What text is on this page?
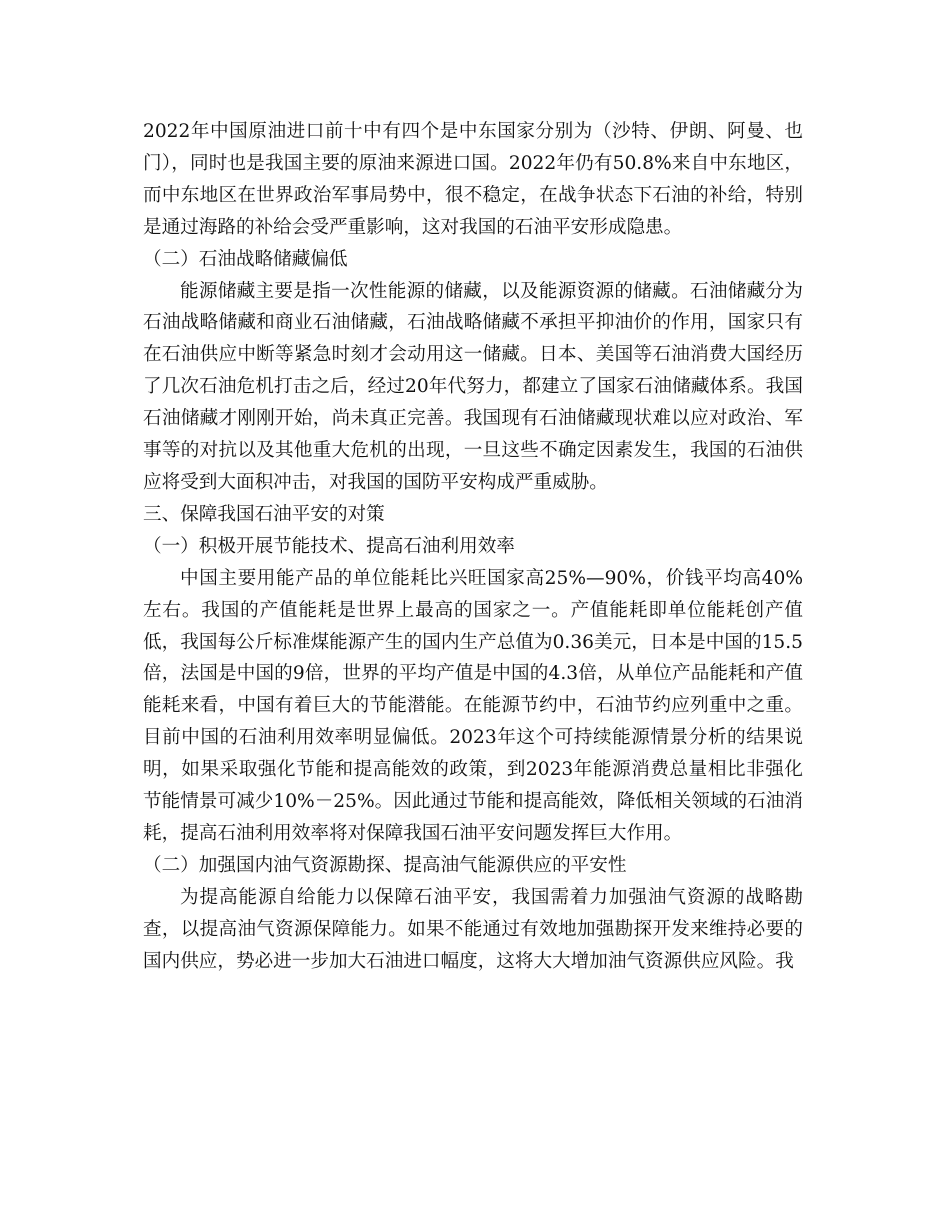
2022年中国原油进口前十中有四个是中东国家分别为（沙特、伊朗、阿曼、也门），同时也是我国主要的原油来源进口国。2022年仍有50.8%来自中东地区，而中东地区在世界政治军事局势中，很不稳定，在战争状态下石油的补给，特别是通过海路的补给会受严重影响，这对我国的石油平安形成隐患。

（二）石油战略储藏偏低

能源储藏主要是指一次性能源的储藏，以及能源资源的储藏。石油储藏分为石油战略储藏和商业石油储藏，石油战略储藏不承担平抑油价的作用，国家只有在石油供应中断等紧急时刻才会动用这一储藏。日本、美国等石油消费大国经历了几次石油危机打击之后，经过20年代努力，都建立了国家石油储藏体系。我国石油储藏才刚刚开始，尚未真正完善。我国现有石油储藏现状难以应对政治、军事等的对抗以及其他重大危机的出现，一旦这些不确定因素发生，我国的石油供应将受到大面积冲击，对我国的国防平安构成严重威胁。

三、保障我国石油平安的对策

（一）积极开展节能技术、提高石油利用效率

中国主要用能产品的单位能耗比兴旺国家高25%—90%，价钱平均高40%左右。我国的产值能耗是世界上最高的国家之一。产值能耗即单位能耗创产值低，我国每公斤标准煤能源产生的国内生产总值为0.36美元，日本是中国的15.5倍，法国是中国的9倍，世界的平均产值是中国的4.3倍，从单位产品能耗和产值能耗来看，中国有着巨大的节能潜能。在能源节约中，石油节约应列重中之重。目前中国的石油利用效率明显偏低。2023年这个可持续能源情景分析的结果说明，如果采取强化节能和提高能效的政策，到2023年能源消费总量相比非强化节能情景可减少10%－25%。因此通过节能和提高能效，降低相关领域的石油消耗，提高石油利用效率将对保障我国石油平安问题发挥巨大作用。

（二）加强国内油气资源勘探、提高油气能源供应的平安性

为提高能源自给能力以保障石油平安，我国需着力加强油气资源的战略勘查，以提高油气资源保障能力。如果不能通过有效地加强勘探开发来维持必要的国内供应，势必进一步加大石油进口幅度，这将大大增加油气资源供应风险。我
